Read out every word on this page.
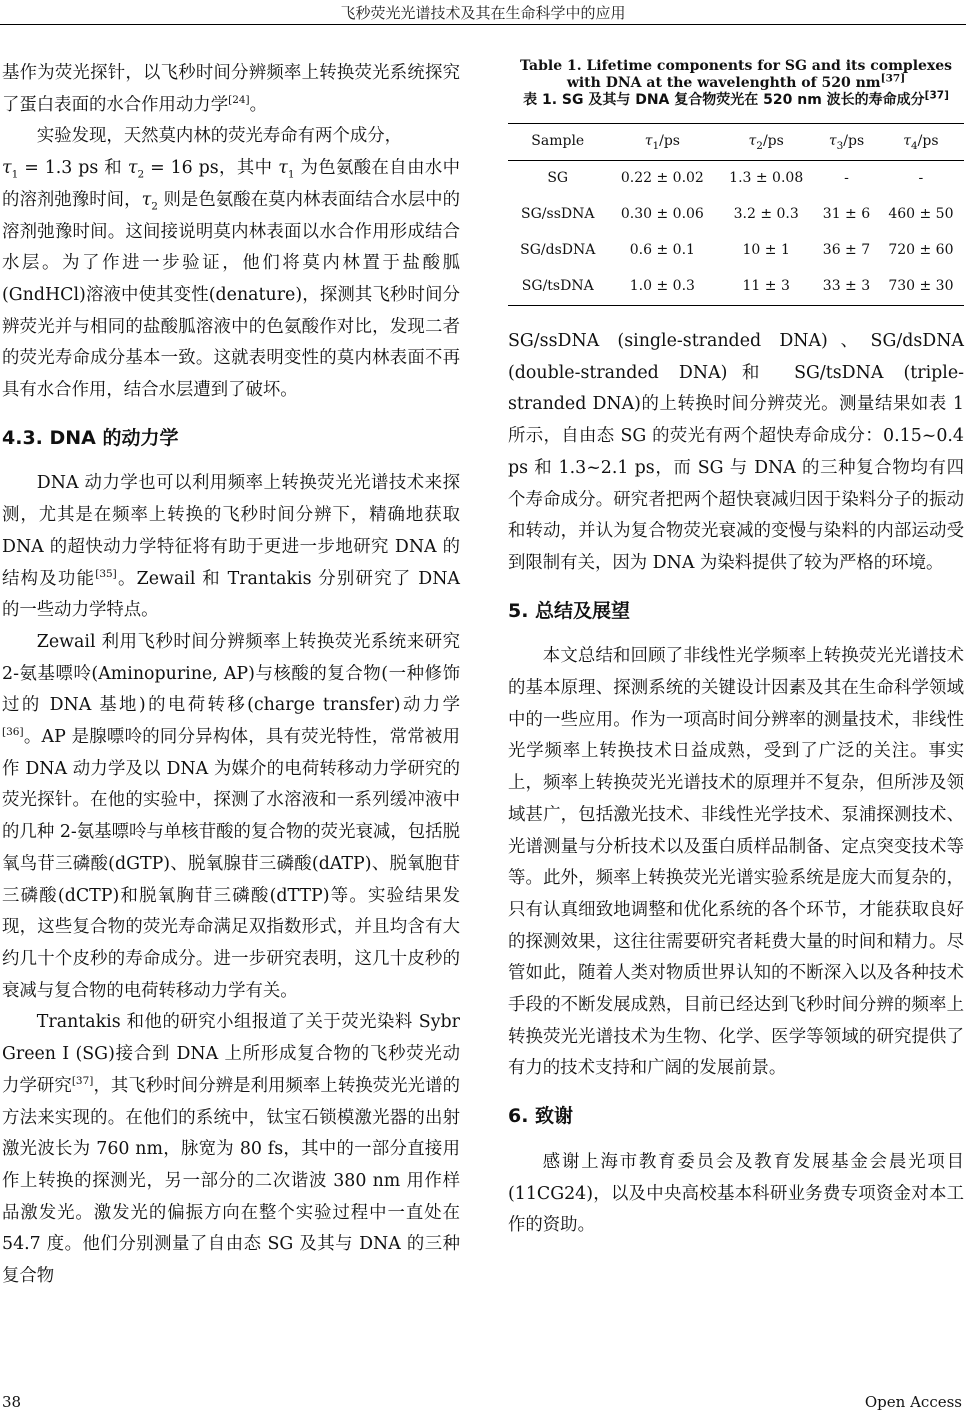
飞秒荧光光谱技术及其在生命科学中的应用

基作为荧光探针，以飞秒时间分辨频率上转换荧光系统探究了蛋白表面的水合作用动力学[24]。

实验发现，天然莫内林的荧光寿命有两个成分，
$\tau_1 = 1.3$ ps 和 $\tau_2 = 16$ ps，其中 $\tau_1$ 为色氨酸在自由水中的溶剂弛豫时间，$\tau_2$ 则是色氨酸在莫内林表面结合水层中的溶剂弛豫时间。这间接说明莫内林表面以水合作用形成结合水层。为了作进一步验证，他们将莫内林置于盐酸胍(GndHCl)溶液中使其变性(denature)，探测其飞秒时间分辨荧光并与相同的盐酸胍溶液中的色氨酸作对比，发现二者的荧光寿命成分基本一致。这就表明变性的莫内林表面不再具有水合作用，结合水层遭到了破坏。

4.3. DNA 的动力学

DNA 动力学也可以利用频率上转换荧光光谱技术来探测，尤其是在频率上转换的飞秒时间分辨下，精确地获取 DNA 的超快动力学特征将有助于更进一步地研究 DNA 的结构及功能[35]。Zewail 和 Trantakis 分别研究了 DNA 的一些动力学特点。

Zewail 利用飞秒时间分辨频率上转换荧光系统来研究 2-氨基嘌呤(Aminopurine, AP)与核酸的复合物(一种修饰过的 DNA 基地)的电荷转移(charge transfer)动力学[36]。AP 是腺嘌呤的同分异构体，具有荧光特性，常常被用作 DNA 动力学及以 DNA 为媒介的电荷转移动力学研究的荧光探针。在他的实验中，探测了水溶液和一系列缓冲液中的几种 2-氨基嘌呤与单核苷酸的复合物的荧光衰减，包括脱氧鸟苷三磷酸(dGTP)、脱氧腺苷三磷酸(dATP)、脱氧胞苷三磷酸(dCTP)和脱氧胸苷三磷酸(dTTP)等。实验结果发现，这些复合物的荧光寿命满足双指数形式，并且均含有大约几十个皮秒的寿命成分。进一步研究表明，这几十皮秒的衰减与复合物的电荷转移动力学有关。

Trantakis 和他的研究小组报道了关于荧光染料 Sybr Green I (SG)接合到 DNA 上所形成复合物的飞秒荧光动力学研究[37]，其飞秒时间分辨是利用频率上转换荧光光谱的方法来实现的。在他们的系统中，钛宝石锁模激光器的出射激光波长为 760 nm，脉宽为 80 fs，其中的一部分直接用作上转换的探测光，另一部分的二次谐波 380 nm 用作样品激发光。激发光的偏振方向在整个实验过程中一直处在 54.7 度。他们分别测量了自由态 SG 及其与 DNA 的三种复合物

Table 1. Lifetime components for SG and its complexes with DNA at the wavelenghth of 520 nm[37]
表 1. SG 及其与 DNA 复合物荧光在 520 nm 波长的寿命成分[37]
Sample	$\tau_1/ps$	$\tau_2/ps$	$\tau_3/ps$	$\tau_4/ps$
SG	0.22 ± 0.02	1.3 ± 0.08	-	-
SG/ssDNA	0.30 ± 0.06	3.2 ± 0.3	31 ± 6	460 ± 50
SG/dsDNA	0.6 ± 0.1	10 ± 1	36 ± 7	720 ± 60
SG/tsDNA	1.0 ± 0.3	11 ± 3	33 ± 3	730 ± 30

SG/ssDNA (single-stranded DNA)、SG/dsDNA (double-stranded DNA)和 SG/tsDNA (triple-stranded DNA)的上转换时间分辨荧光。测量结果如表 1 所示，自由态 SG 的荧光有两个超快寿命成分：0.15~0.4 ps 和 1.3~2.1 ps，而 SG 与 DNA 的三种复合物均有四个寿命成分。研究者把两个超快衰减归因于染料分子的振动和转动，并认为复合物荧光衰减的变慢与染料的内部运动受到限制有关，因为 DNA 为染料提供了较为严格的环境。

5. 总结及展望

本文总结和回顾了非线性光学频率上转换荧光光谱技术的基本原理、探测系统的关键设计因素及其在生命科学领域中的一些应用。作为一项高时间分辨率的测量技术，非线性光学频率上转换技术日益成熟，受到了广泛的关注。事实上，频率上转换荧光光谱技术的原理并不复杂，但所涉及领域甚广，包括激光技术、非线性光学技术、泵浦探测技术、光谱测量与分析技术以及蛋白质样品制备、定点突变技术等等。此外，频率上转换荧光光谱实验系统是庞大而复杂的，只有认真细致地调整和优化系统的各个环节，才能获取良好的探测效果，这往往需要研究者耗费大量的时间和精力。尽管如此，随着人类对物质世界认知的不断深入以及各种技术手段的不断发展成熟，目前已经达到飞秒时间分辨的频率上转换荧光光谱技术为生物、化学、医学等领域的研究提供了有力的技术支持和广阔的发展前景。

6. 致谢

感谢上海市教育委员会及教育发展基金会晨光项目(11CG24)，以及中央高校基本科研业务费专项资金对本工作的资助。

38	Open Access
